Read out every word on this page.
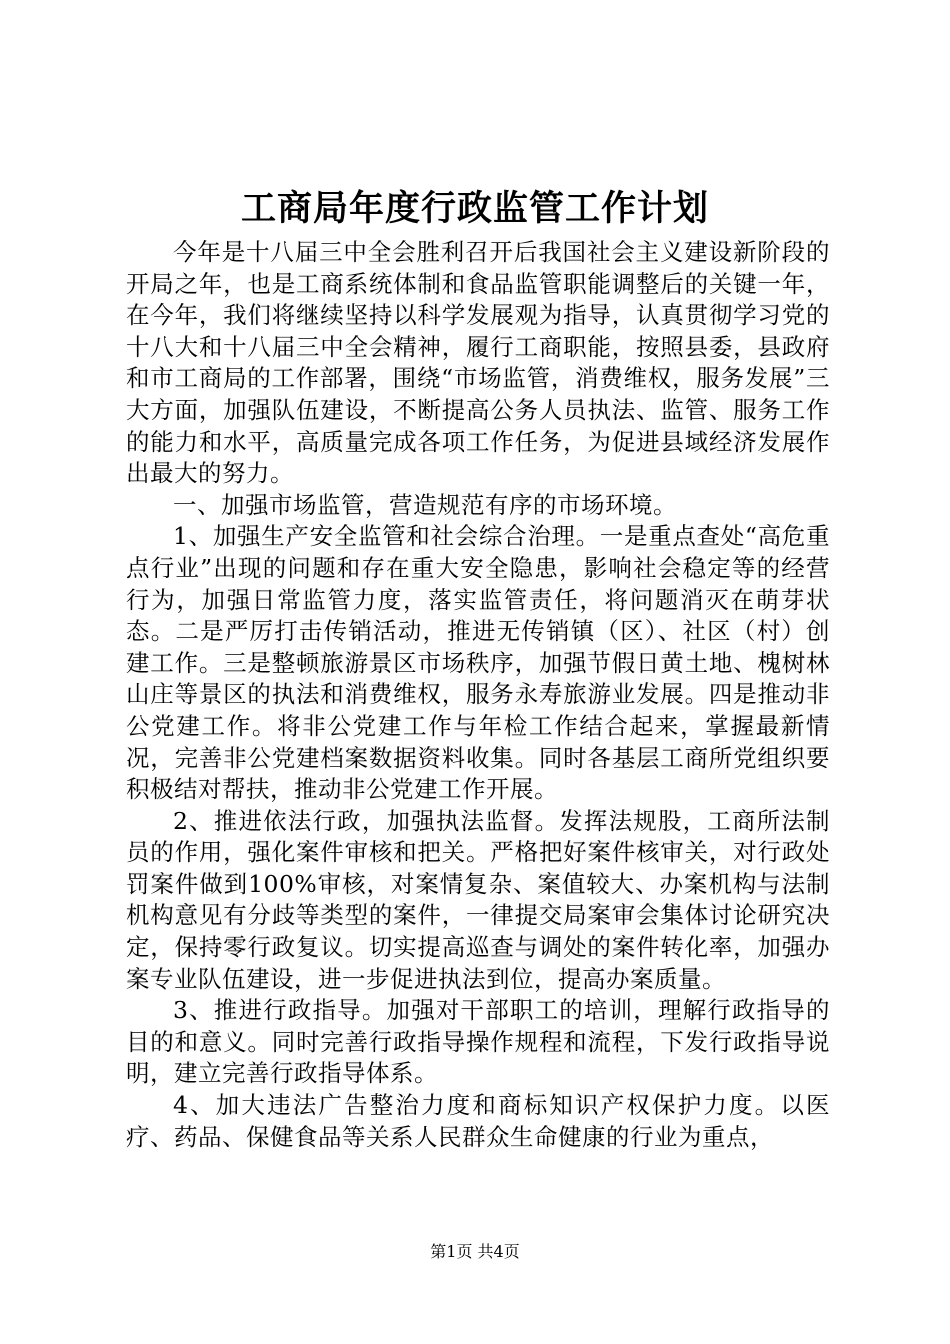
工商局年度行政监管工作计划

今年是十八届三中全会胜利召开后我国社会主义建设新阶段的开局之年，也是工商系统体制和食品监管职能调整后的关键一年，在今年，我们将继续坚持以科学发展观为指导，认真贯彻学习党的十八大和十八届三中全会精神，履行工商职能，按照县委，县政府和市工商局的工作部署，围绕“市场监管，消费维权，服务发展”三大方面，加强队伍建设，不断提高公务人员执法、监管、服务工作的能力和水平，高质量完成各项工作任务，为促进县域经济发展作出最大的努力。

一、加强市场监管，营造规范有序的市场环境。

1、加强生产安全监管和社会综合治理。一是重点查处“高危重点行业”出现的问题和存在重大安全隐患，影响社会稳定等的经营行为，加强日常监管力度，落实监管责任，将问题消灭在萌芽状态。二是严厉打击传销活动，推进无传销镇（区）、社区（村）创建工作。三是整顿旅游景区市场秩序，加强节假日黄土地、槐树林山庄等景区的执法和消费维权，服务永寿旅游业发展。四是推动非公党建工作。将非公党建工作与年检工作结合起来，掌握最新情况，完善非公党建档案数据资料收集。同时各基层工商所党组织要积极结对帮扶，推动非公党建工作开展。

2、推进依法行政，加强执法监督。发挥法规股，工商所法制员的作用，强化案件审核和把关。严格把好案件核审关，对行政处罚案件做到100%审核，对案情复杂、案值较大、办案机构与法制机构意见有分歧等类型的案件，一律提交局案审会集体讨论研究决定，保持零行政复议。切实提高巡查与调处的案件转化率，加强办案专业队伍建设，进一步促进执法到位，提高办案质量。

3、推进行政指导。加强对干部职工的培训，理解行政指导的目的和意义。同时完善行政指导操作规程和流程，下发行政指导说明，建立完善行政指导体系。

4、加大违法广告整治力度和商标知识产权保护力度。以医疗、药品、保健食品等关系人民群众生命健康的行业为重点，

第1页 共4页
